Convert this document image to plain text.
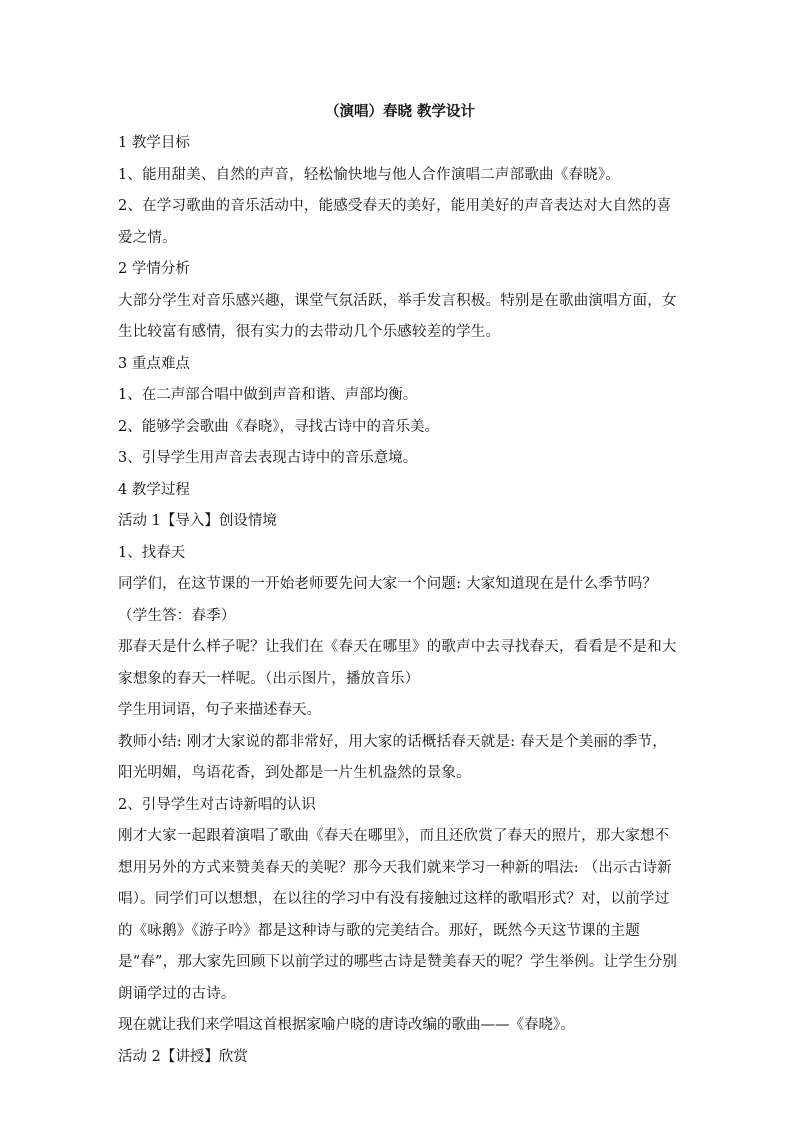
（演唱）春晓 教学设计

1 教学目标

1、能用甜美、自然的声音，轻松愉快地与他人合作演唱二声部歌曲《春晓》。

2、在学习歌曲的音乐活动中，能感受春天的美好，能用美好的声音表达对大自然的喜爱之情。

2 学情分析

大部分学生对音乐感兴趣，课堂气氛活跃，举手发言积极。特别是在歌曲演唱方面，女生比较富有感情，很有实力的去带动几个乐感较差的学生。

3 重点难点

1、在二声部合唱中做到声音和谐、声部均衡。

2、能够学会歌曲《春晓》，寻找古诗中的音乐美。

3、引导学生用声音去表现古诗中的音乐意境。

4 教学过程

活动 1【导入】创设情境

1、找春天

同学们，在这节课的一开始老师要先问大家一个问题: 大家知道现在是什么季节吗？（学生答：春季）

那春天是什么样子呢？让我们在《春天在哪里》的歌声中去寻找春天，看看是不是和大家想象的春天一样呢。（出示图片，播放音乐）

学生用词语，句子来描述春天。

教师小结: 刚才大家说的都非常好，用大家的话概括春天就是: 春天是个美丽的季节，阳光明媚，鸟语花香，到处都是一片生机盎然的景象。

2、引导学生对古诗新唱的认识

刚才大家一起跟着演唱了歌曲《春天在哪里》，而且还欣赏了春天的照片，那大家想不想用另外的方式来赞美春天的美呢？那今天我们就来学习一种新的唱法: （出示古诗新唱）。同学们可以想想，在以往的学习中有没有接触过这样的歌唱形式？对，以前学过的《咏鹅》《游子吟》都是这种诗与歌的完美结合。那好，既然今天这节课的主题是“春”，那大家先回顾下以前学过的哪些古诗是赞美春天的呢？学生举例。让学生分别朗诵学过的古诗。

现在就让我们来学唱这首根据家喻户晓的唐诗改编的歌曲——《春晓》。

活动 2【讲授】欣赏
